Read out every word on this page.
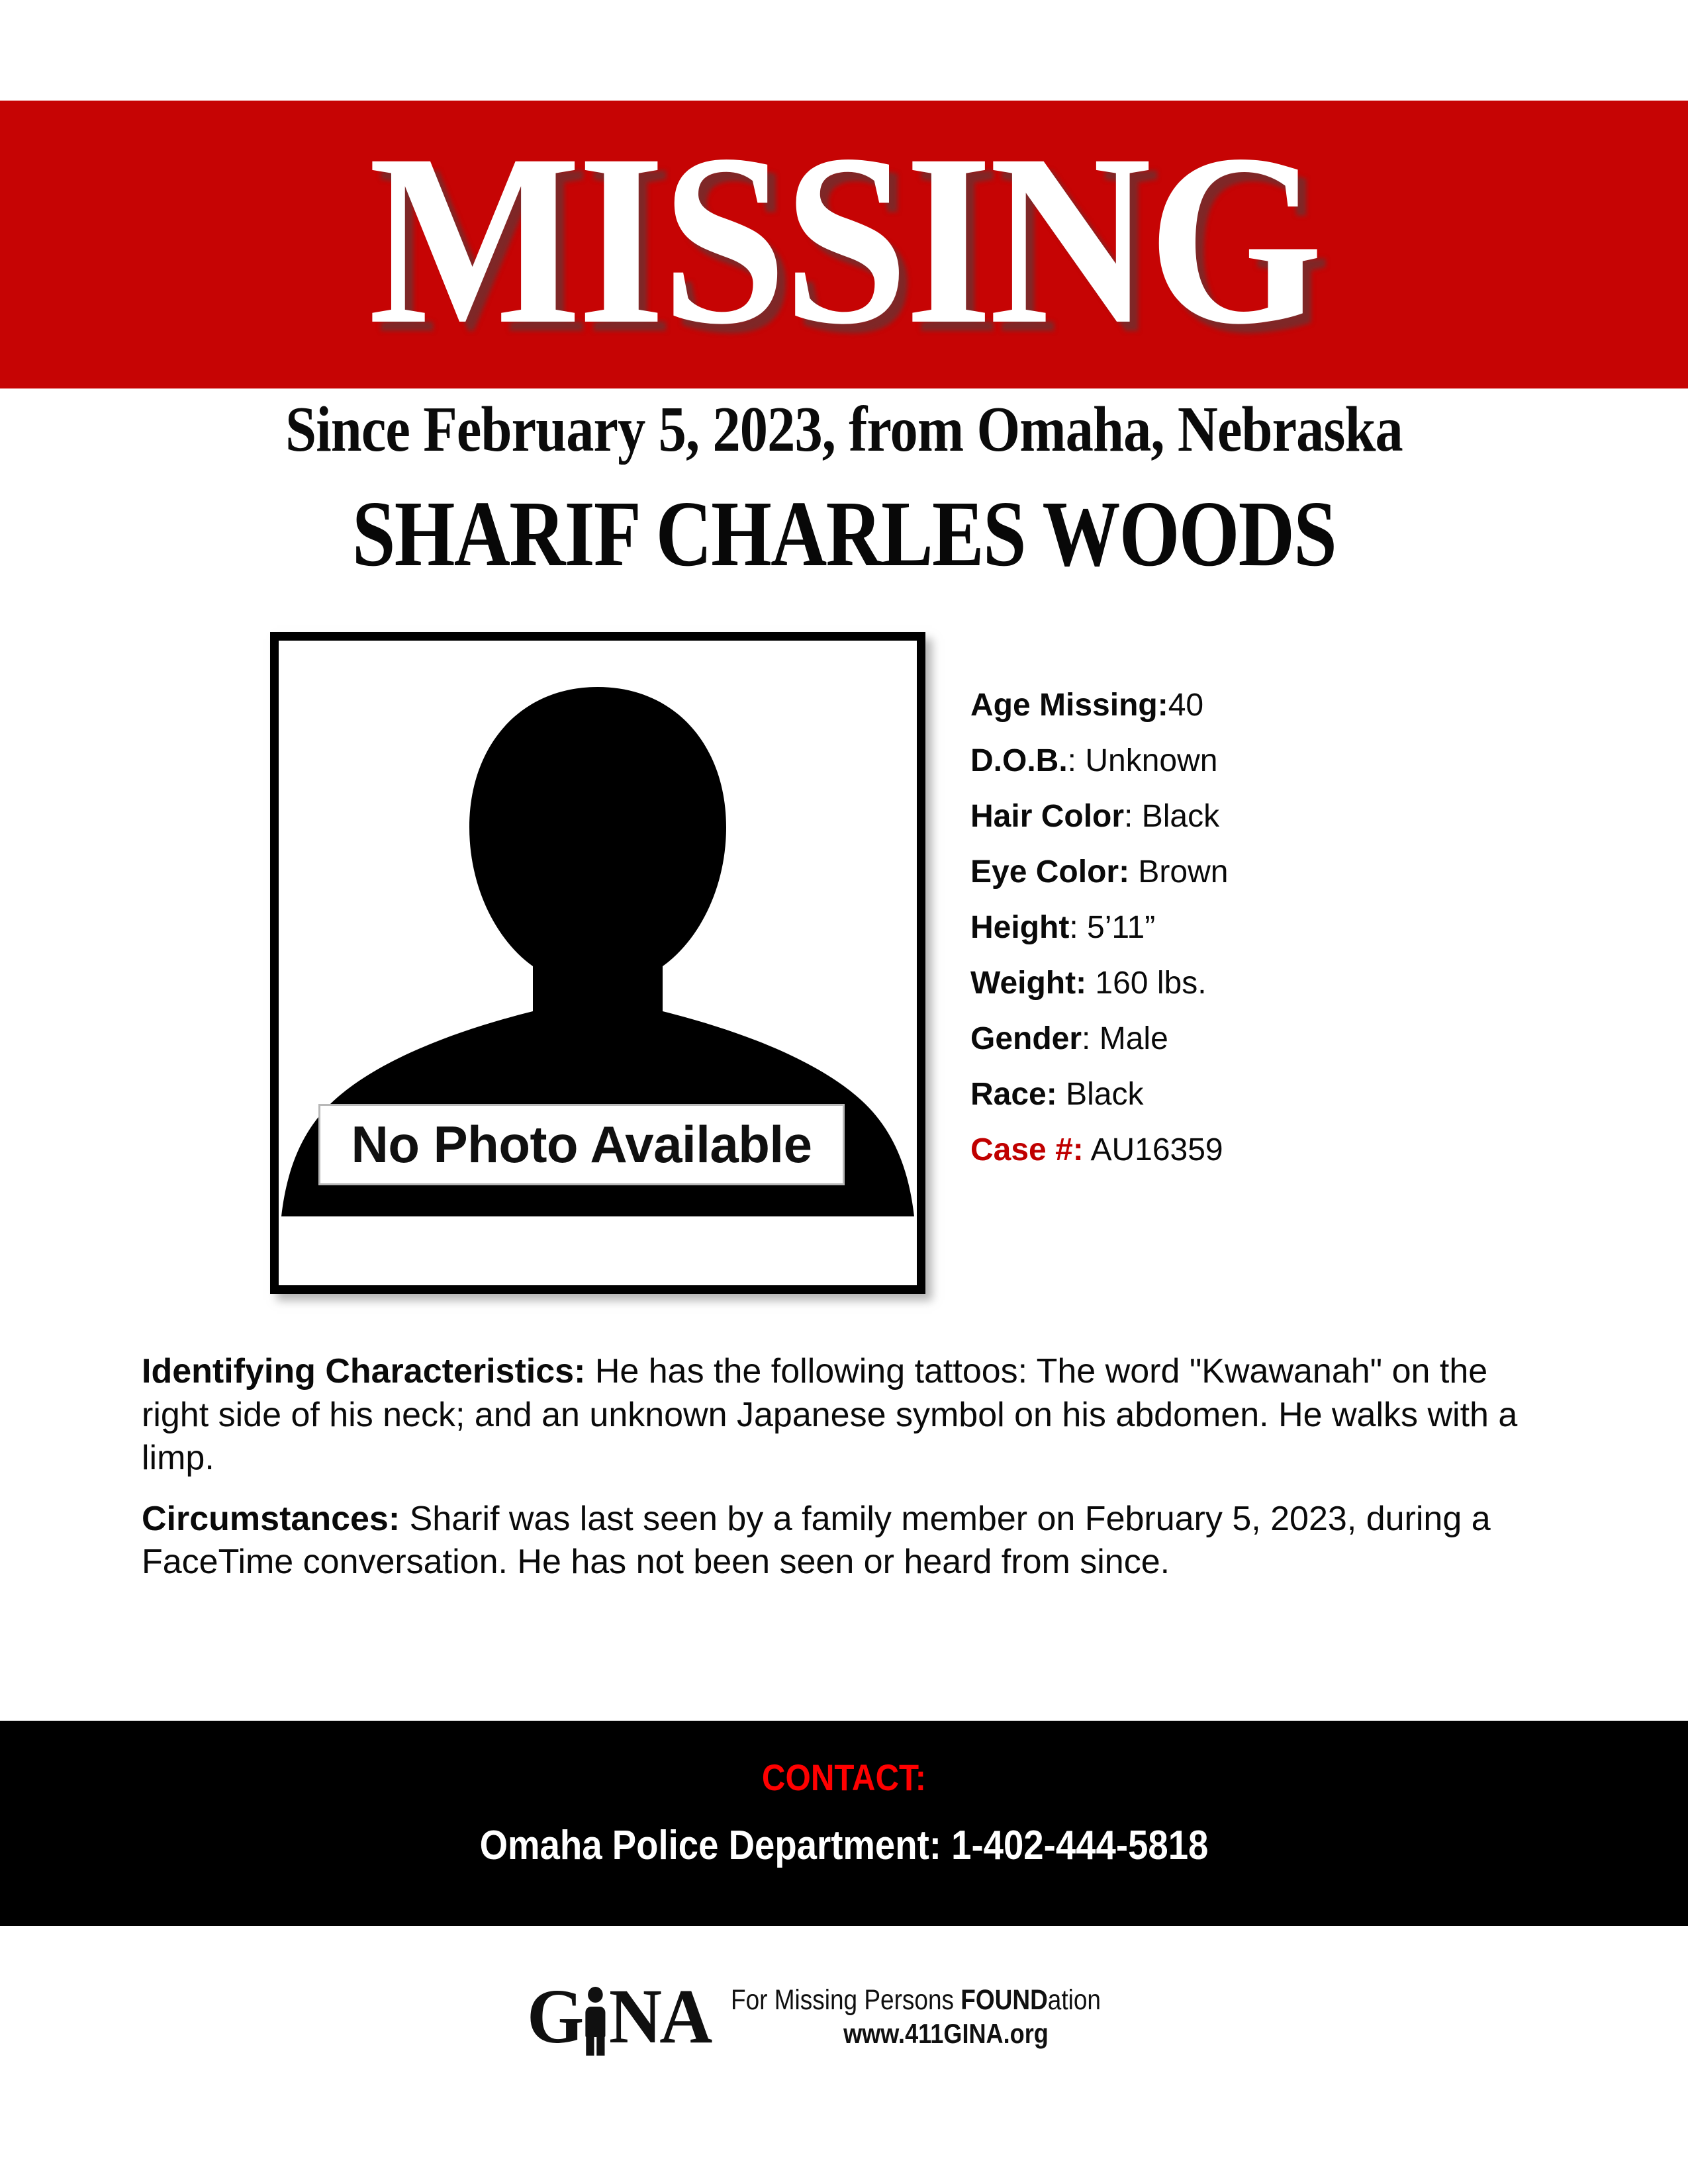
MISSING
Since February 5, 2023, from Omaha, Nebraska
SHARIF CHARLES WOODS
No Photo Available
Age Missing:40
D.O.B.: Unknown
Hair Color: Black
Eye Color: Brown
Height: 5’11”
Weight: 160 lbs.
Gender: Male
Race: Black
Case #: AU16359

Identifying Characteristics: He has the following tattoos: The word "Kwawanah" on the right side of his neck; and an unknown Japanese symbol on his abdomen. He walks with a limp.

Circumstances: Sharif was last seen by a family member on February 5, 2023, during a FaceTime conversation. He has not been seen or heard from since.

CONTACT:
Omaha Police Department: 1-402-444-5818
G NA For Missing Persons FOUNDation
www.411GINA.org
